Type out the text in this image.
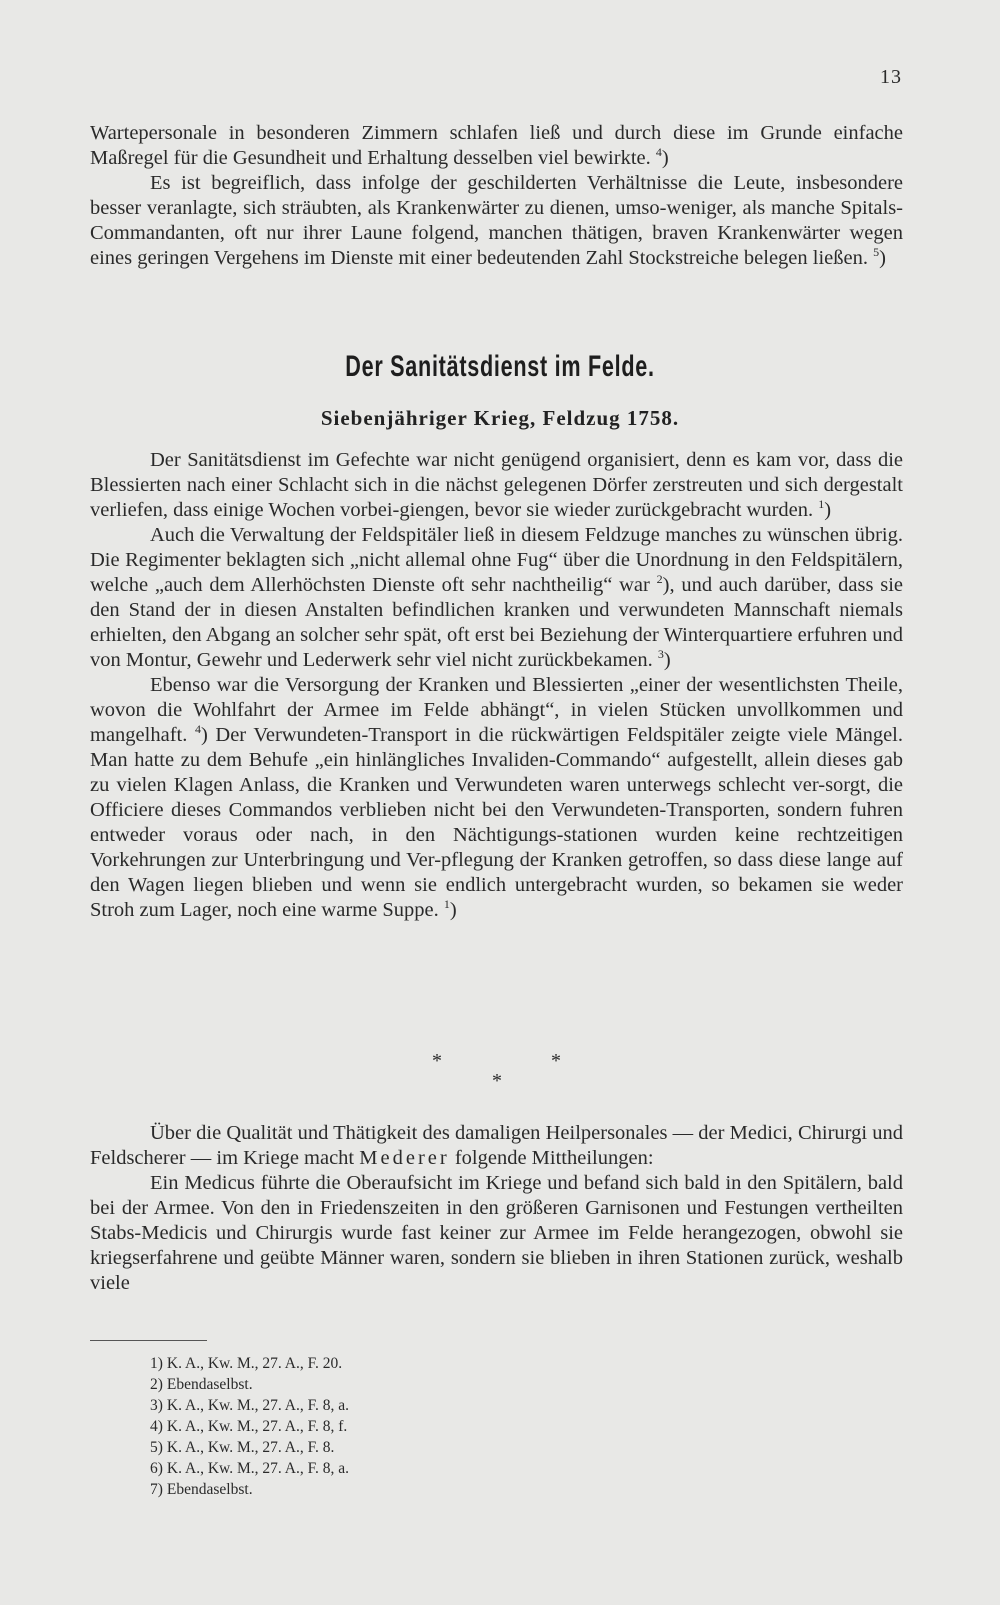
13

Wartepersonale in besonderen Zimmern schlafen ließ und durch diese im Grunde einfache Maßregel für die Gesundheit und Erhaltung desselben viel bewirkte. $^4$)

Es ist begreiflich, dass infolge der geschilderten Verhältnisse die Leute, insbesondere besser veranlagte, sich sträubten, als Krankenwärter zu dienen, umso-weniger, als manche Spitals-Commandanten, oft nur ihrer Laune folgend, manchen thätigen, braven Krankenwärter wegen eines geringen Vergehens im Dienste mit einer bedeutenden Zahl Stockstreiche belegen ließen. $^5$)

Der Sanitätsdienst im Felde.
Siebenjähriger Krieg, Feldzug 1758.

Der Sanitätsdienst im Gefechte war nicht genügend organisiert, denn es kam vor, dass die Blessierten nach einer Schlacht sich in die nächst gelegenen Dörfer zerstreuten und sich dergestalt verliefen, dass einige Wochen vorbei-giengen, bevor sie wieder zurückgebracht wurden. $^1$)

Auch die Verwaltung der Feldspitäler ließ in diesem Feldzuge manches zu wünschen übrig. Die Regimenter beklagten sich „nicht allemal ohne Fug“ über die Unordnung in den Feldspitälern, welche „auch dem Allerhöchsten Dienste oft sehr nachtheilig“ war $^2$), und auch darüber, dass sie den Stand der in diesen Anstalten befindlichen kranken und verwundeten Mannschaft niemals erhielten, den Abgang an solcher sehr spät, oft erst bei Beziehung der Winterquartiere erfuhren und von Montur, Gewehr und Lederwerk sehr viel nicht zurückbekamen. $^3$)

Ebenso war die Versorgung der Kranken und Blessierten „einer der wesentlichsten Theile, wovon die Wohlfahrt der Armee im Felde abhängt“, in vielen Stücken unvollkommen und mangelhaft. $^4$) Der Verwundeten-Transport in die rückwärtigen Feldspitäler zeigte viele Mängel. Man hatte zu dem Behufe „ein hinlängliches Invaliden-Commando“ aufgestellt, allein dieses gab zu vielen Klagen Anlass, die Kranken und Verwundeten waren unterwegs schlecht ver-sorgt, die Officiere dieses Commandos verblieben nicht bei den Verwundeten-Transporten, sondern fuhren entweder voraus oder nach, in den Nächtigungs-stationen wurden keine rechtzeitigen Vorkehrungen zur Unterbringung und Ver-pflegung der Kranken getroffen, so dass diese lange auf den Wagen liegen blieben und wenn sie endlich untergebracht wurden, so bekamen sie weder Stroh zum Lager, noch eine warme Suppe. $^1$)

*	*
*

Über die Qualität und Thätigkeit des damaligen Heilpersonales — der Medici, Chirurgi und Feldscherer — im Kriege macht Mederer folgende Mittheilungen:

Ein Medicus führte die Oberaufsicht im Kriege und befand sich bald in den Spitälern, bald bei der Armee. Von den in Friedenszeiten in den größeren Garnisonen und Festungen vertheilten Stabs-Medicis und Chirurgis wurde fast keiner zur Armee im Felde herangezogen, obwohl sie kriegserfahrene und geübte Männer waren, sondern sie blieben in ihren Stationen zurück, weshalb viele

1) K. A., Kw. M., 27. A., F. 20.
2) Ebendaselbst.
3) K. A., Kw. M., 27. A., F. 8, a.
4) K. A., Kw. M., 27. A., F. 8, f.
5) K. A., Kw. M., 27. A., F. 8.
6) K. A., Kw. M., 27. A., F. 8, a.
7) Ebendaselbst.
